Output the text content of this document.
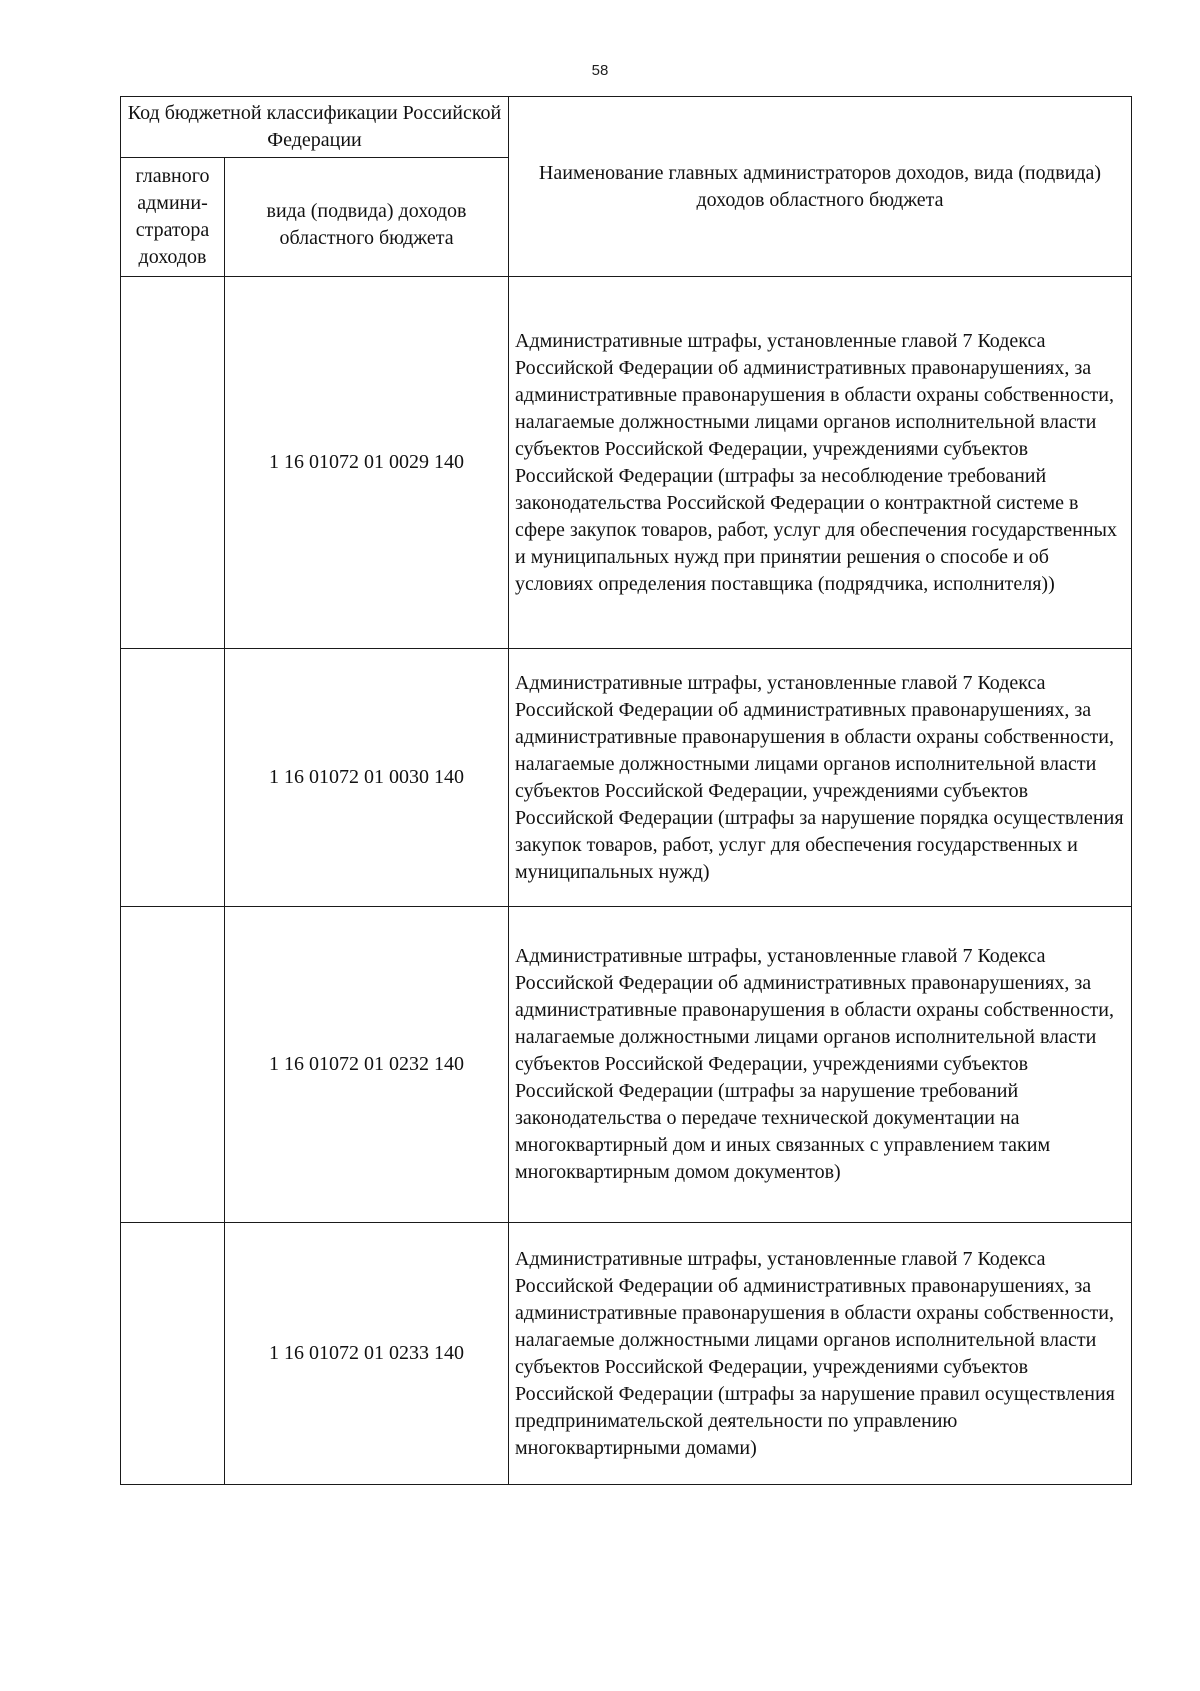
58
Код бюджетной классификации Российской Федерации		Наименование главных администраторов доходов, вида (подвида) доходов областного бюджета
главного админи- стратора доходов	вида (подвида) доходов областного бюджета	
	1 16 01072 01 0029 140	Административные штрафы, установленные главой 7 Кодекса Российской Федерации об административных правонарушениях, за административные правонарушения в области охраны собственности, налагаемые должностными лицами органов исполнительной власти субъектов Российской Федерации, учреждениями субъектов Российской Федерации (штрафы за несоблюдение требований законодательства Российской Федерации о контрактной системе в сфере закупок товаров, работ, услуг для обеспечения государственных и муниципальных нужд при принятии решения о способе и об условиях определения поставщика (подрядчика, исполнителя))

	1 16 01072 01 0030 140	Административные штрафы, установленные главой 7 Кодекса Российской Федерации об административных правонарушениях, за административные правонарушения в области охраны собственности, налагаемые должностными лицами органов исполнительной власти субъектов Российской Федерации, учреждениями субъектов Российской Федерации (штрафы за нарушение порядка осуществления закупок товаров, работ, услуг для обеспечения государственных и муниципальных нужд)

	1 16 01072 01 0232 140	Административные штрафы, установленные главой 7 Кодекса Российской Федерации об административных правонарушениях, за административные правонарушения в области охраны собственности, налагаемые должностными лицами органов исполнительной власти субъектов Российской Федерации, учреждениями субъектов Российской Федерации (штрафы за нарушение требований законодательства о передаче технической документации на многоквартирный дом и иных связанных с управлением таким многоквартирным домом документов)

	1 16 01072 01 0233 140	Административные штрафы, установленные главой 7 Кодекса Российской Федерации об административных правонарушениях, за административные правонарушения в области охраны собственности, налагаемые должностными лицами органов исполнительной власти субъектов Российской Федерации, учреждениями субъектов Российской Федерации (штрафы за нарушение правил осуществления предпринимательской деятельности по управлению многоквартирными домами)
